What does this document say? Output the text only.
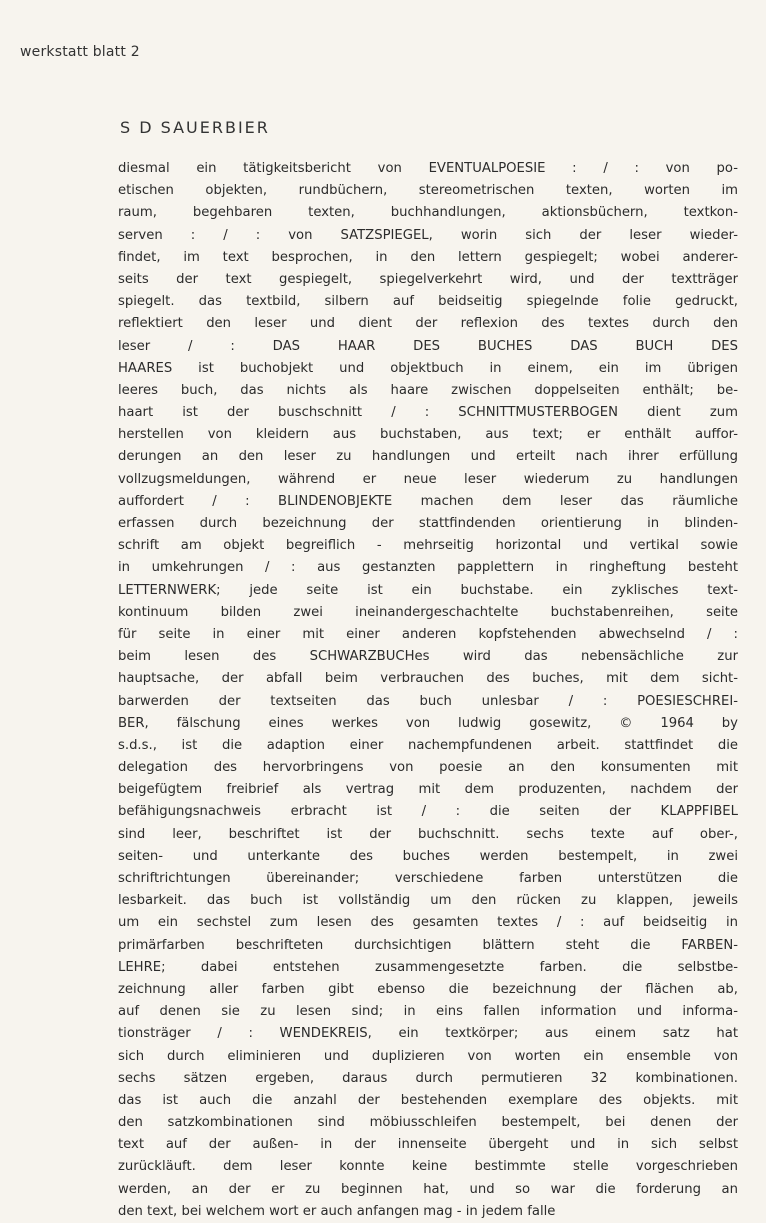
werkstatt blatt 2
S D SAUERBIER
diesmal ein tätigkeitsbericht von EVENTUALPOESIE : / : von po-
etischen objekten, rundbüchern, stereometrischen texten, worten im
raum, begehbaren texten, buchhandlungen, aktionsbüchern, textkon-
serven : / : von SATZSPIEGEL, worin sich der leser wieder-
findet, im text besprochen, in den lettern gespiegelt; wobei anderer-
seits der text gespiegelt, spiegelverkehrt wird, und der textträger
spiegelt. das textbild, silbern auf beidseitig spiegelnde folie gedruckt,
reflektiert den leser und dient der reflexion des textes durch den
leser / : DAS HAAR DES BUCHES DAS BUCH DES
HAARES ist buchobjekt und objektbuch in einem, ein im übrigen
leeres buch, das nichts als haare zwischen doppelseiten enthält; be-
haart ist der buschschnitt / : SCHNITTMUSTERBOGEN dient zum
herstellen von kleidern aus buchstaben, aus text; er enthält auffor-
derungen an den leser zu handlungen und erteilt nach ihrer erfüllung
vollzugsmeldungen, während er neue leser wiederum zu handlungen
auffordert / : BLINDENOBJEKTE machen dem leser das räumliche
erfassen durch bezeichnung der stattfindenden orientierung in blinden-
schrift am objekt begreiflich - mehrseitig horizontal und vertikal sowie
in umkehrungen / : aus gestanzten papplettern in ringheftung besteht
LETTERNWERK; jede seite ist ein buchstabe. ein zyklisches text-
kontinuum bilden zwei ineinandergeschachtelte buchstabenreihen, seite
für seite in einer mit einer anderen kopfstehenden abwechselnd / :
beim lesen des SCHWARZBUCHes wird das nebensächliche zur
hauptsache, der abfall beim verbrauchen des buches, mit dem sicht-
barwerden der textseiten das buch unlesbar / : POESIESCHREI-
BER, fälschung eines werkes von ludwig gosewitz, © 1964 by
s.d.s., ist die adaption einer nachempfundenen arbeit. stattfindet die
delegation des hervorbringens von poesie an den konsumenten mit
beigefügtem freibrief als vertrag mit dem produzenten, nachdem der
befähigungsnachweis erbracht ist / : die seiten der KLAPPFIBEL
sind leer, beschriftet ist der buchschnitt. sechs texte auf ober-,
seiten- und unterkante des buches werden bestempelt, in zwei
schriftrichtungen übereinander; verschiedene farben unterstützen die
lesbarkeit. das buch ist vollständig um den rücken zu klappen, jeweils
um ein sechstel zum lesen des gesamten textes / : auf beidseitig in
primärfarben beschrifteten durchsichtigen blättern steht die FARBEN-
LEHRE; dabei entstehen zusammengesetzte farben. die selbstbe-
zeichnung aller farben gibt ebenso die bezeichnung der flächen ab,
auf denen sie zu lesen sind; in eins fallen information und informa-
tionsträger / : WENDEKREIS, ein textkörper; aus einem satz hat
sich durch eliminieren und duplizieren von worten ein ensemble von
sechs sätzen ergeben, daraus durch permutieren 32 kombinationen.
das ist auch die anzahl der bestehenden exemplare des objekts. mit
den satzkombinationen sind möbiusschleifen bestempelt, bei denen der
text auf der außen- in der innenseite übergeht und in sich selbst
zurückläuft. dem leser konnte keine bestimmte stelle vorgeschrieben
werden, an der er zu beginnen hat, und so war die forderung an
den text, bei welchem wort er auch anfangen mag - in jedem falle
